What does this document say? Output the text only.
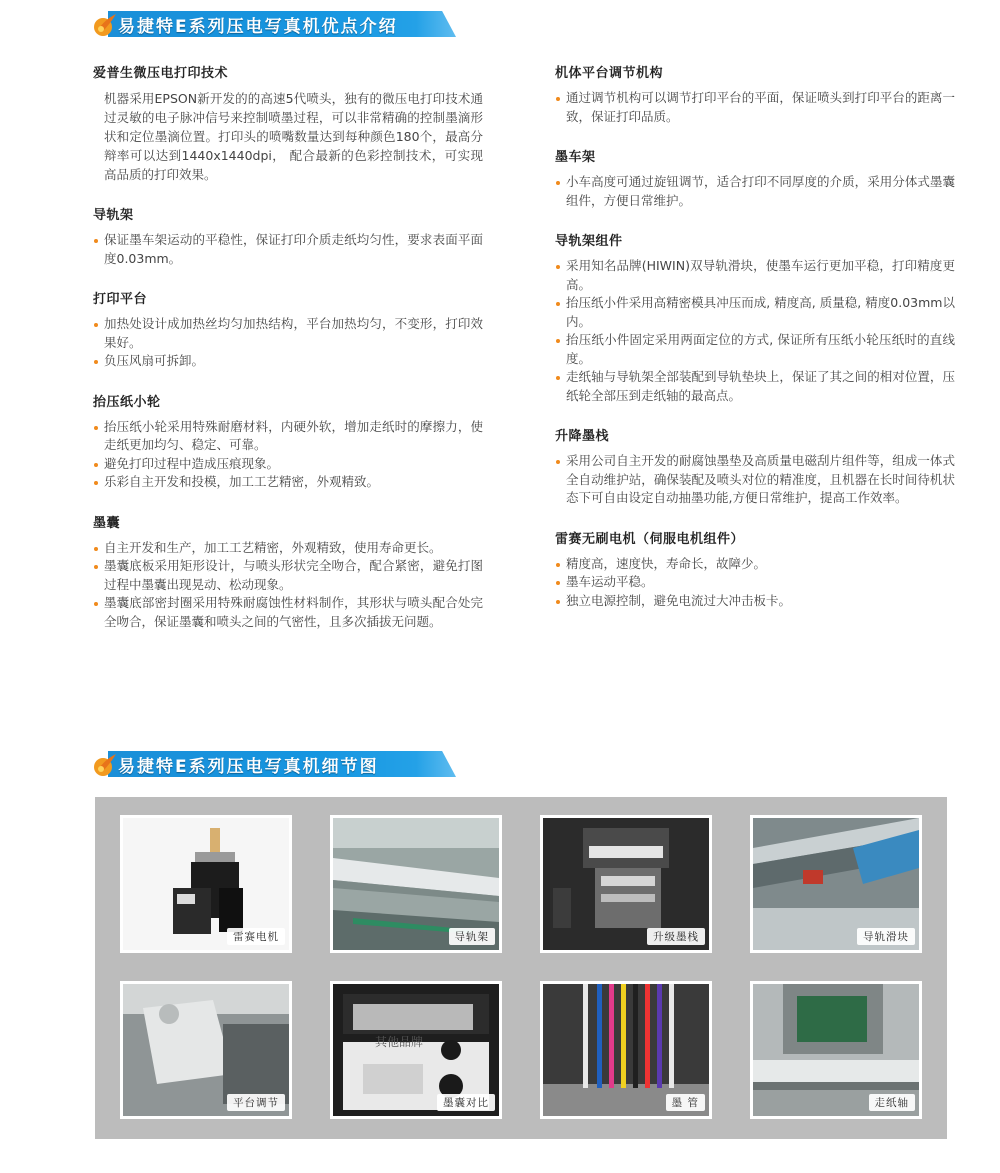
易捷特E系列压电写真机优点介绍
爱普生微压电打印技术
机器采用EPSON新开发的的高速5代喷头，独有的微压电打印技术通过灵敏的电子脉冲信号来控制喷墨过程，可以非常精确的控制墨滴形状和定位墨滴位置。打印头的喷嘴数量达到每种颜色180个，最高分辩率可以达到1440x1440dpi， 配合最新的色彩控制技术，可实现高品质的打印效果。
导轨架
保证墨车架运动的平稳性，保证打印介质走纸均匀性，要求表面平面度0.03mm。
打印平台
加热处设计成加热丝均匀加热结构，平台加热均匀，不变形，打印效果好。
负压风扇可拆卸。
抬压纸小轮
抬压纸小轮采用特殊耐磨材料，内硬外软，增加走纸时的摩擦力，使走纸更加均匀、稳定、可靠。
避免打印过程中造成压痕现象。
乐彩自主开发和投模，加工工艺精密，外观精致。
墨囊
自主开发和生产，加工工艺精密，外观精致，使用寿命更长。
墨囊底板采用矩形设计，与喷头形状完全吻合，配合紧密，避免打图过程中墨囊出现晃动、松动现象。
墨囊底部密封圈采用特殊耐腐蚀性材料制作，其形状与喷头配合处完全吻合，保证墨囊和喷头之间的气密性，且多次插拔无问题。
机体平台调节机构
通过调节机构可以调节打印平台的平面，保证喷头到打印平台的距离一致，保证打印品质。
墨车架
小车高度可通过旋钮调节，适合打印不同厚度的介质，采用分体式墨囊组件，方便日常维护。
导轨架组件
采用知名品牌(HIWIN)双导轨滑块，使墨车运行更加平稳，打印精度更高。
抬压纸小件采用高精密模具冲压而成, 精度高, 质量稳, 精度0.03mm以内。
抬压纸小件固定采用两面定位的方式, 保证所有压纸小轮压纸时的直线度。
走纸轴与导轨架全部装配到导轨垫块上，保证了其之间的相对位置，压纸轮全部压到走纸轴的最高点。
升降墨栈
采用公司自主开发的耐腐蚀墨垫及高质量电磁刮片组件等，组成一体式全自动维护站，确保装配及喷头对位的精准度，且机器在长时间待机状态下可自由设定自动抽墨功能,方便日常维护，提高工作效率。
雷赛无刷电机（伺服电机组件）
精度高，速度快，寿命长，故障少。
墨车运动平稳。
独立电源控制，避免电流过大冲击板卡。
易捷特E系列压电写真机细节图
雷赛电机	导轨架	升级墨栈	导轨滑块
平台调节
其他品牌
墨囊对比	墨 管	走纸轴
